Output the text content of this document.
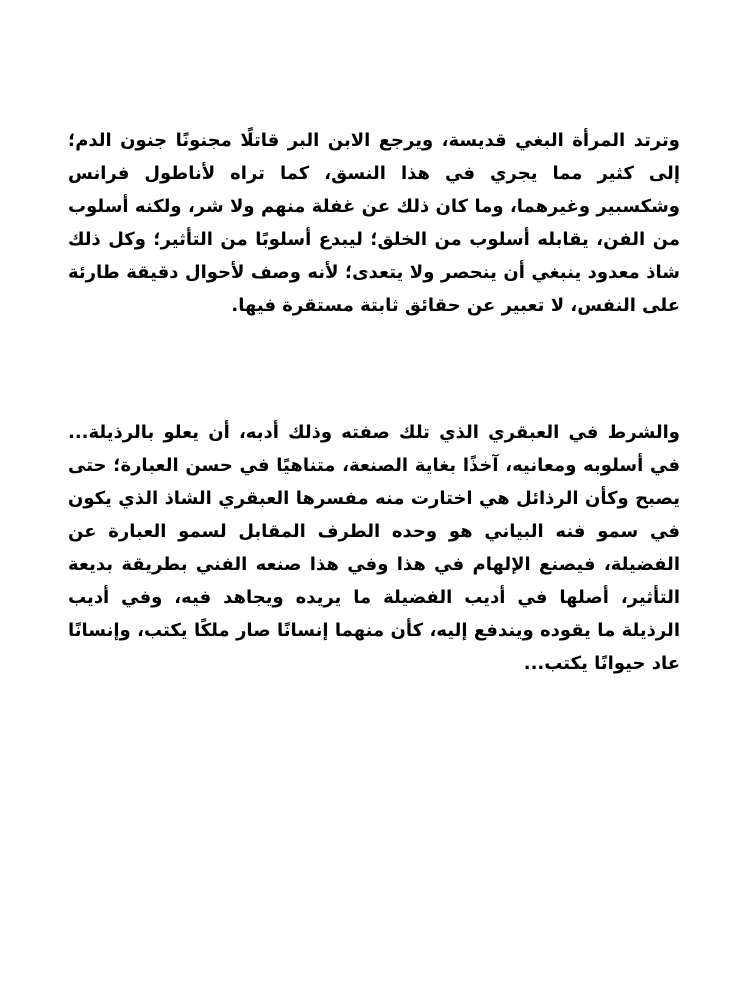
وترتد المرأة البغي قديسة، ويرجع الابن البر قاتلًا مجنونًا جنون الدم؛ إلى كثير مما يجري في هذا النسق، كما تراه لأناطول فرانس وشكسبير وغيرهما، وما كان ذلك عن غفلة منهم ولا شر، ولكنه أسلوب من الفن، يقابله أسلوب من الخلق؛ ليبدع أسلوبًا من التأثير؛ وكل ذلك شاذ معدود ينبغي أن ينحصر ولا يتعدى؛ لأنه وصف لأحوال دقيقة طارئة على النفس، لا تعبير عن حقائق ثابتة مستقرة فيها.

والشرط في العبقري الذي تلك صفته وذلك أدبه، أن يعلو بالرذيلة... في أسلوبه ومعانيه، آخذًا بغاية الصنعة، متناهيًا في حسن العبارة؛ حتى يصبح وكأن الرذائل هي اختارت منه مفسرها العبقري الشاذ الذي يكون في سمو فنه البياني هو وحده الطرف المقابل لسمو العبارة عن الفضيلة، فيصنع الإلهام في هذا وفي هذا صنعه الفني بطريقة بديعة التأثير، أصلها في أديب الفضيلة ما يريده ويجاهد فيه، وفي أديب الرذيلة ما يقوده ويندفع إليه، كأن منهما إنسانًا صار ملكًا يكتب، وإنسانًا عاد حيوانًا يكتب...
